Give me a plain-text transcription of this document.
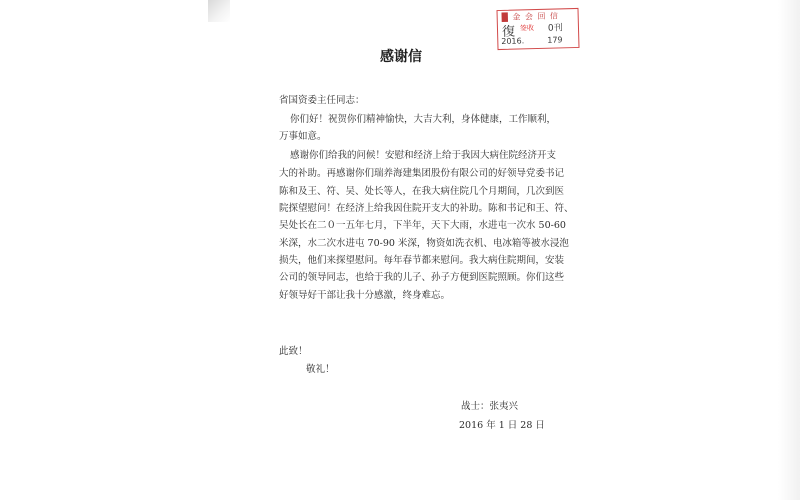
█ 金 会 回 信
復 签收 0刊
2016.	179
感谢信
省国资委主任同志：
你们好！祝贺你们精神愉快，大吉大利，身体健康，工作顺利，
万事如意。
感谢你们给我的问候！安慰和经济上给于我因大病住院经济开支
大的补助。再感谢你们瑞养海建集团股份有限公司的好领导党委书记
陈和及王、符、吴、处长等人，在我大病住院几个月期间，几次到医
院探望慰问！在经济上给我因住院开支大的补助。陈和书记和王、符、
吴处长在二０一五年七月，下半年，天下大雨，水进屯一次水 50-60
米深，水二次水进屯 70-90 米深，物资如洗衣机、电冰箱等被水浸泡
损失，他们来探望慰问。每年春节都来慰问。我大病住院期间，安装
公司的领导同志，也给于我的儿子、孙子方便到医院照顾。你们这些
好领导好干部让我十分感激，终身难忘。
此致！
敬礼！
战士：张夷兴
2016 年 1 日 28 日
